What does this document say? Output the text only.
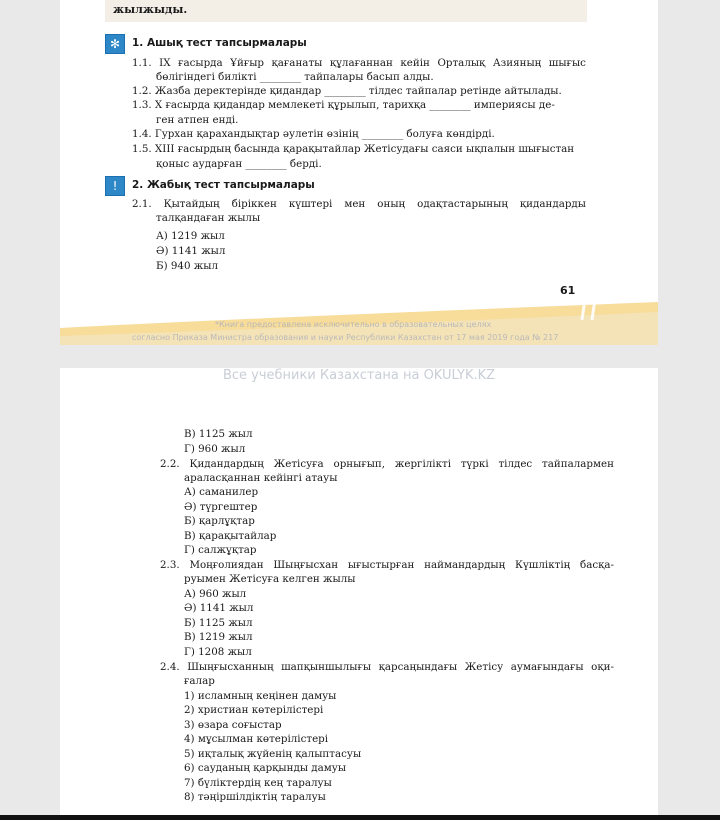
жылжыды.
✻	1. Ашық тест тапсырмалары
1.1. IX ғасырда Ұйғыр қағанаты құлағаннан кейін Орталық Азияның шығыс
бөлігіндегі билікті ________ тайпалары басып алды.
1.2. Жазба деректерінде қидандар ________ тілдес тайпалар ретінде айтылады.
1.3. Х ғасырда қидандар мемлекеті құрылып, тарихқа ________ империясы де-
ген атпен енді.
1.4. Гурхан қарахандықтар әулетін өзінің ________ болуға көндірді.
1.5. XIII ғасырдың басында қарақытайлар Жетісудағы саяси ықпалын шығыстан
қоныс аударған ________ берді.
!	2. Жабық тест тапсырмалары
2.1. Қытайдың біріккен күштері мен оның одақтастарының қидандарды
талқандаған жылы
А) 1219 жыл
Ә) 1141 жыл
Б) 940 жыл
61
*Книга предоставлена исключительно в образовательных целях
согласно Приказа Министра образования и науки Республики Казахстан от 17 мая 2019 года № 217
Все учебники Казахстана на OKULYK.KZ
В) 1125 жыл
Г) 960 жыл
2.2. Қидандардың Жетісуға орнығып, жергілікті түркі тілдес тайпалармен
араласқаннан кейінгі атауы
А) саманилер
Ә) түргештер
Б) қарлұқтар
В) қарақытайлар
Г) салжұқтар
2.3. Моңғолиядан Шыңғысхан ығыстырған наймандардың Күшліктің басқа-
руымен Жетісуға келген жылы
А) 960 жыл
Ә) 1141 жыл
Б) 1125 жыл
В) 1219 жыл
Г) 1208 жыл
2.4. Шыңғысханның шапқыншылығы қарсаңындағы Жетісу аумағындағы оқи-
ғалар
1) исламның кеңінен дамуы
2) христиан көтерілістері
3) өзара соғыстар
4) мұсылман көтерілістері
5) иқталық жүйенің қалыптасуы
6) сауданың қарқынды дамуы
7) бүліктердің кең таралуы
8) тәңіршілдіктің таралуы
